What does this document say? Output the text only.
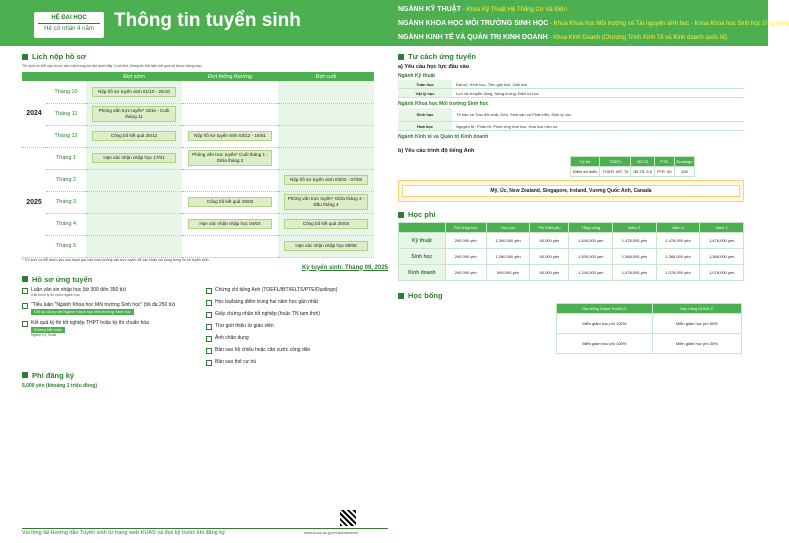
HỆ ĐẠI HỌC
Hệ cử nhân 4 năm	Thông tin tuyển sinh
NGÀNH KỸ THUẬT - Khoa Kỹ Thuật Hệ Thống Cơ Và Điện
NGÀNH KHOA HỌC MÔI TRƯỜNG SINH HỌC - Khoa Khoa học Môi trường và Tài nguyên sinh học - Khoa Khoa học Sinh học Ứng dụng
NGÀNH KINH TẾ VÀ QUẢN TRỊ KINH DOANH - Khoa Kinh Doanh (Chương Trình Kinh Tế và Kinh doanh quốc tế)
Lịch nộp hồ sơ
Thí sinh có thể nộp hồ sơ vào một trong ba đợt dưới đây. Cuối đợt, thông tin thể hiện kết quả sẽ được thông báo.
		Đợt sớm	Đợt thông thường	Đợt cuối
2024	Tháng 10	Nộp hồ sơ tuyển sinh 01/10 - 25/10		

	Tháng 11	Phỏng vấn trực tuyến* Giữa - Cuối tháng 11		

	Tháng 12	Công bố kết quả 25/12	Nộp hồ sơ tuyển sinh 03/12 - 16/01	

2025	Tháng 1	Hạn xác nhận nhập học 17/01	Phỏng vấn trực tuyến* Cuối tháng 1 - Giữa tháng 2	

	Tháng 2			Nộp hồ sơ tuyển sinh 03/02 - 07/03

	Tháng 3		Công bố kết quả 19/03	Phỏng vấn trực tuyến* Giữa tháng 3 - Đầu tháng 4

	Tháng 4		Hạn xác nhận nhập học 04/04	Công bố kết quả 25/04

	Tháng 5			Hạn xác nhận nhập học 09/05
* Thí sinh có thể được yêu cầu tham gia một cuộc phỏng vấn trực tuyến để xác nhận nội dung trong hồ sơ tuyển sinh.
Kỳ tuyển sinh: Tháng 09, 2025
Hồ sơ ứng tuyển
Luận văn xin nhập học (từ 300 đến 350 từ)
Giải thích lý do chọn ngành học
"Tiểu luận "Ngành Khoa học Môi trường Sinh học" (tối đa 250 từ)
Chỉ áp dụng với Ngành Khoa học Môi trường Sinh học
Kết quả kỳ thi tốt nghiệp THPT hoặc kỳ thi chuẩn hóa
Không bắt buộc
Ngành Kỹ Thuật
Chứng chỉ tiếng Anh (TOEFL/IBT/IELTS/PTE/Duolingo)
Học bạ/bảng điểm trung hai năm học gần nhất
Giấy chứng nhận tốt nghiệp (hoặc TN tạm thời)
Thư giới thiệu từ giáo viên
Ảnh chân dung
Bản sao hộ chiếu hoặc căn cước công dân
Bản sao thẻ cư trú
Phí đăng ký
5,000 yên (khoảng 1 triệu đồng)
Vui lòng tải Hướng dẫn Tuyển sinh từ trang web KUAS và đọc kỹ trước khi đăng ký.	www.kuas.ac.jp/en/admissions
Tư cách ứng tuyển
a) Yêu cầu học lực đầu vào
Ngành Kỹ thuật
Toán học	Đại số, Hình học, Tiền giải tích, Giải tích
Vật lý học	Lực và chuyển động, Năng lượng, Điện từ học
Ngành Khoa học Môi trường Sinh học
Sinh học	Tế bào và Trao đổi chất, Gen, Sinh sản và Phát triển, Sinh lý học
Hoá học	Nguyên tử, Phân tử, Phản ứng hoá học, Hoá học hữu cơ
Ngành Kinh tế và Quản trị Kinh doanh
b) Yêu cầu trình độ tiếng Anh
Kỳ thi	TOEFL	IELTS	PTE	Duolingo
Điểm tối thiểu	TOEFL iBT: 75	IELTS: 5.5	PTE: 50	105
Mỹ, Úc, New Zealand, Singapore, Ireland, Vương Quốc Anh, Canada
Học phí
	Phí nhập học	Học phí	Phí thiết yếu	Tổng cộng	Năm 2	Năm 3	Năm 4
Kỹ thuật	200,000 yên	1,390,000 yên	50,000 yên	1,640,000 yên	1,478,000 yên	1,478,000 yên	1,478,000 yên
Sinh học	200,000 yên	1,280,000 yên	50,000 yên	1,530,000 yên	1,368,000 yên	1,368,000 yên	1,368,000 yên
Kinh doanh	200,000 yên	990,000 yên	50,000 yên	1,240,000 yên	1,078,000 yên	1,078,000 yên	1,078,000 yên
Học bổng
Học bổng Super KUAS-C	Học bổng KUAS-C
Miễn giảm học phí 100%	Miễn giảm học phí 50%
Miễn giảm học phí 100%	Miễn giảm học phí 30%
